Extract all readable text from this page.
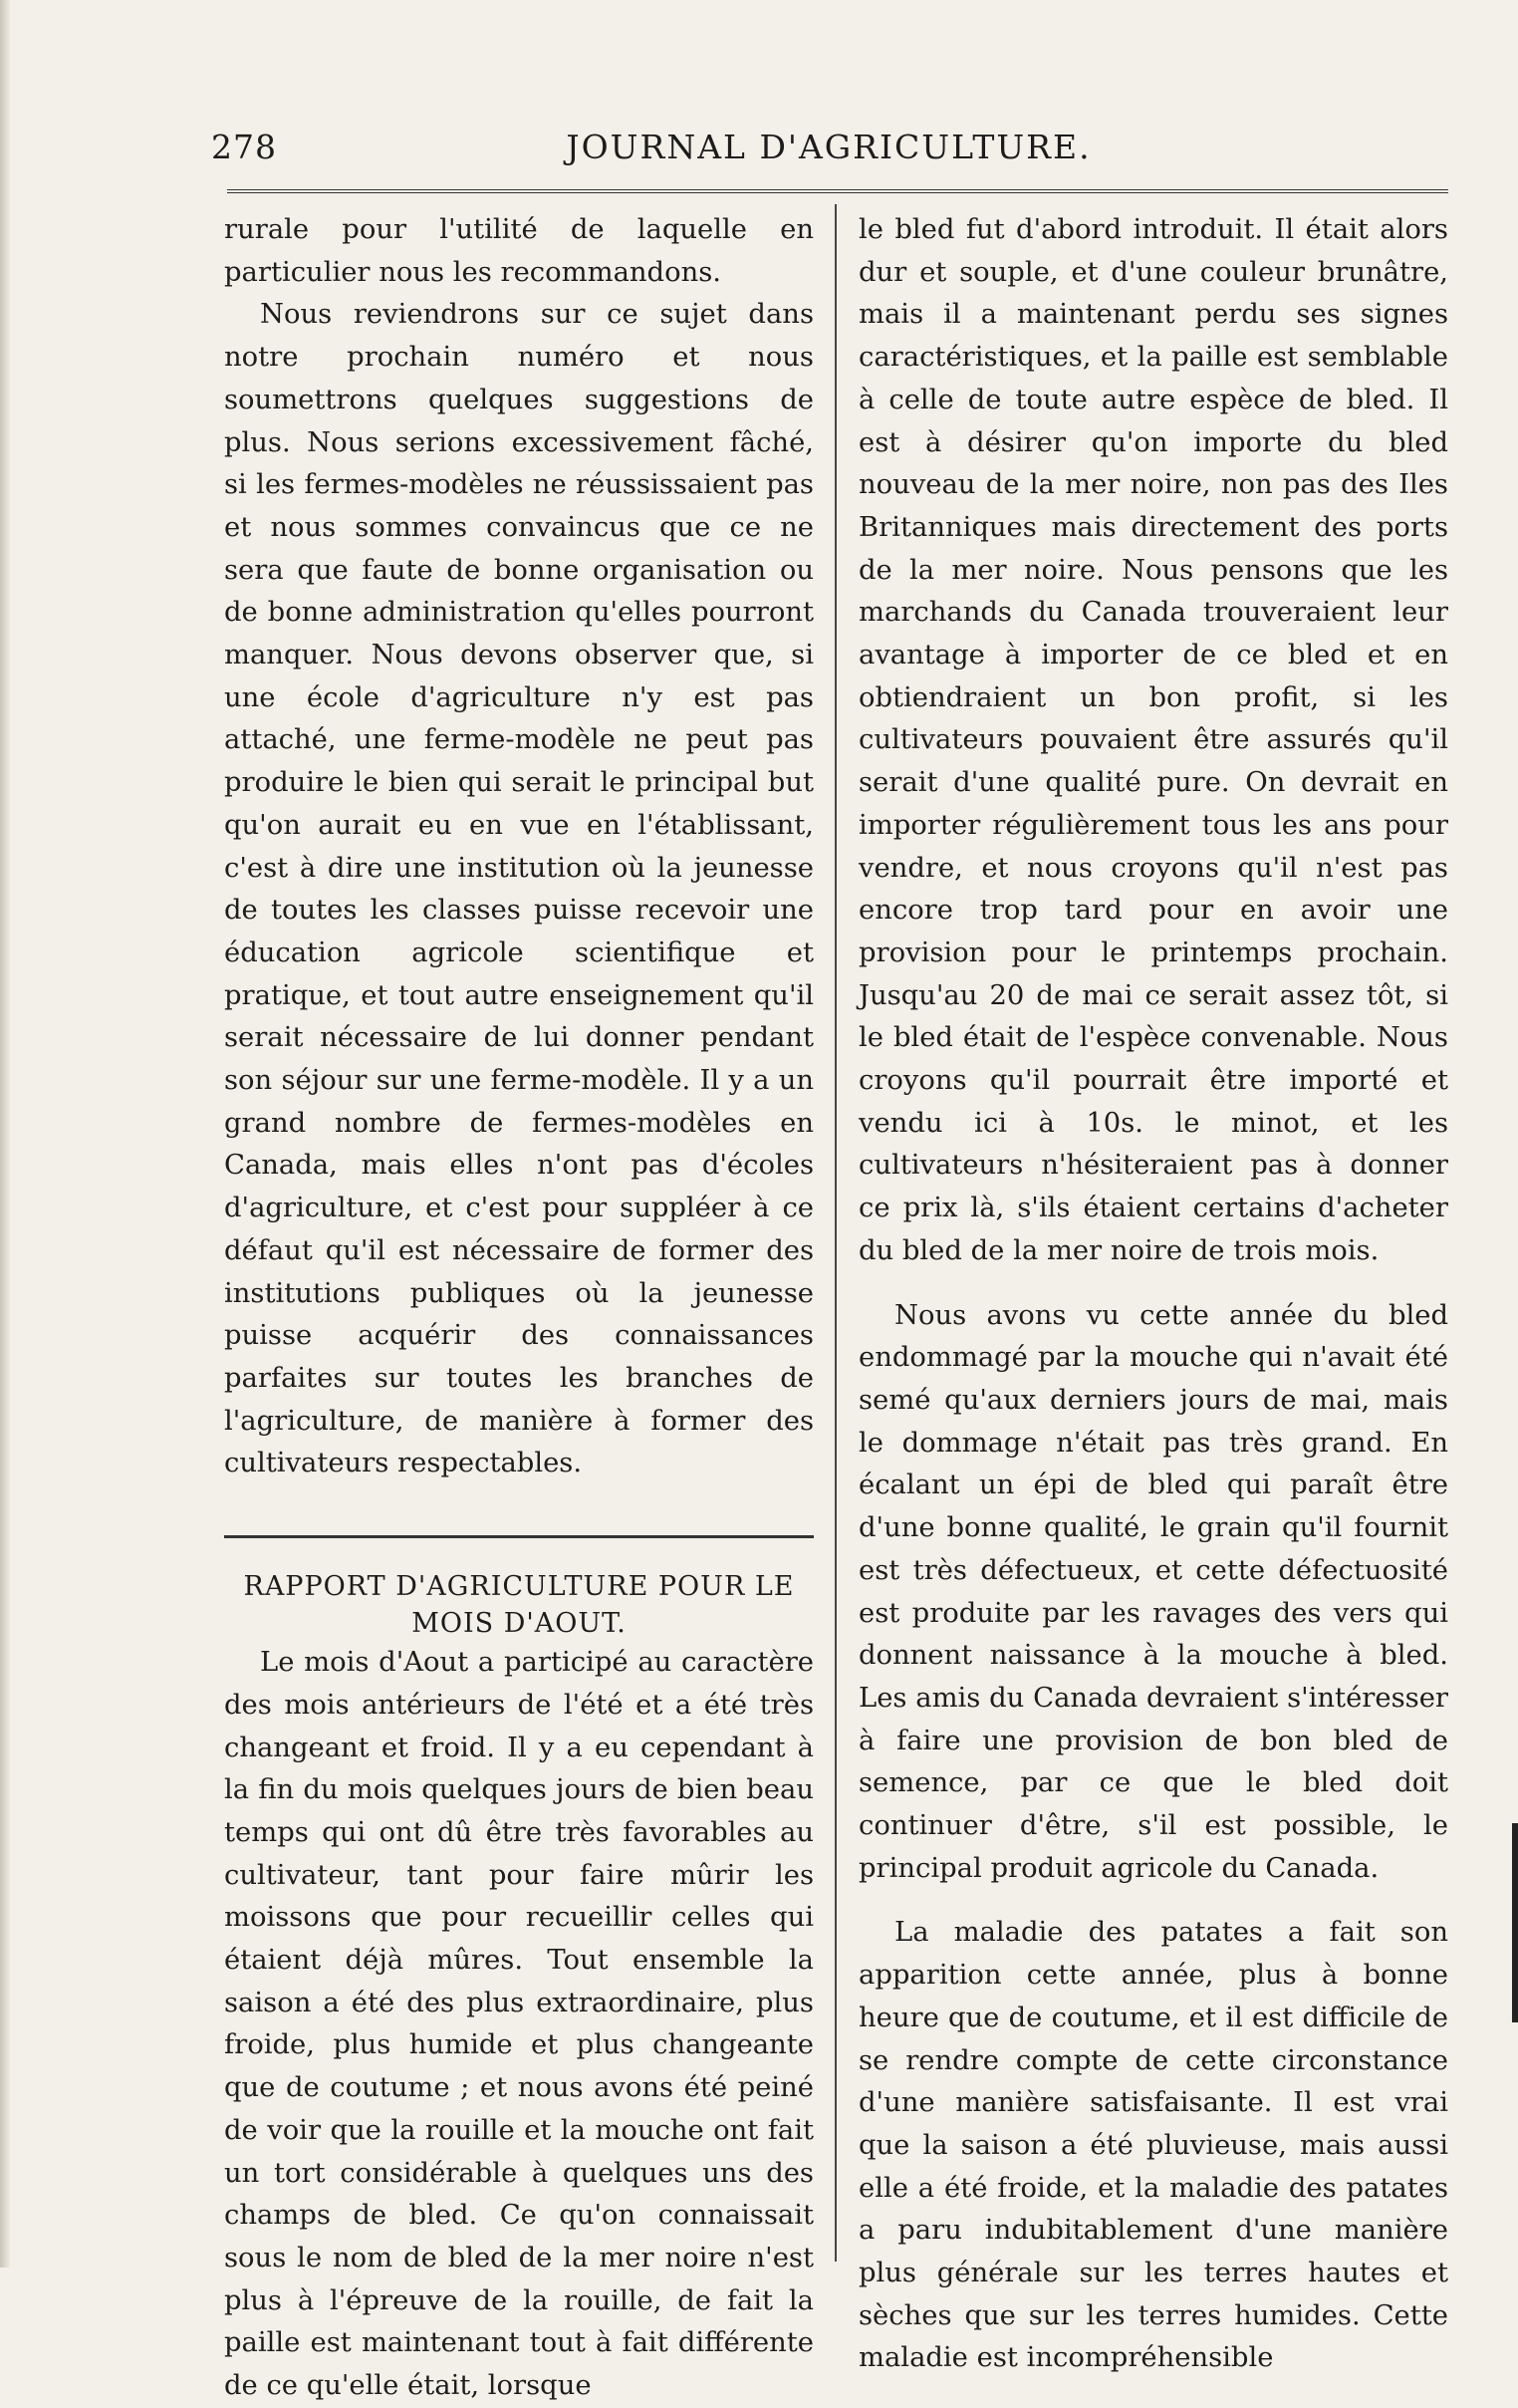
JOURNAL D'AGRICULTURE.
278

rurale pour l'utilité de laquelle en particulier nous les recommandons.

Nous reviendrons sur ce sujet dans notre prochain numéro et nous soumettrons quelques suggestions de plus. Nous serions excessivement fâché, si les fermes-modèles ne réussissaient pas et nous sommes convaincus que ce ne sera que faute de bonne organisation ou de bonne administration qu'elles pourront manquer. Nous devons observer que, si une école d'agriculture n'y est pas attaché, une ferme-modèle ne peut pas produire le bien qui serait le principal but qu'on aurait eu en vue en l'établissant, c'est à dire une institution où la jeunesse de toutes les classes puisse recevoir une éducation agricole scientifique et pratique, et tout autre enseignement qu'il serait nécessaire de lui donner pendant son séjour sur une ferme-modèle. Il y a un grand nombre de fermes-modèles en Canada, mais elles n'ont pas d'écoles d'agriculture, et c'est pour suppléer à ce défaut qu'il est nécessaire de former des institutions publiques où la jeunesse puisse acquérir des connaissances parfaites sur toutes les branches de l'agriculture, de manière à former des cultivateurs respectables.

RAPPORT D'AGRICULTURE POUR LE MOIS D'AOUT.

Le mois d'Aout a participé au caractère des mois antérieurs de l'été et a été très changeant et froid. Il y a eu cependant à la fin du mois quelques jours de bien beau temps qui ont dû être très favorables au cultivateur, tant pour faire mûrir les moissons que pour recueillir celles qui étaient déjà mûres. Tout ensemble la saison a été des plus extraordinaire, plus froide, plus humide et plus changeante que de coutume ; et nous avons été peiné de voir que la rouille et la mouche ont fait un tort considérable à quelques uns des champs de bled. Ce qu'on connaissait sous le nom de bled de la mer noire n'est plus à l'épreuve de la rouille, de fait la paille est maintenant tout à fait différente de ce qu'elle était, lorsque

le bled fut d'abord introduit. Il était alors dur et souple, et d'une couleur brunâtre, mais il a maintenant perdu ses signes caractéristiques, et la paille est semblable à celle de toute autre espèce de bled. Il est à désirer qu'on importe du bled nouveau de la mer noire, non pas des Iles Britanniques mais directement des ports de la mer noire. Nous pensons que les marchands du Canada trouveraient leur avantage à importer de ce bled et en obtiendraient un bon profit, si les cultivateurs pouvaient être assurés qu'il serait d'une qualité pure. On devrait en importer régulièrement tous les ans pour vendre, et nous croyons qu'il n'est pas encore trop tard pour en avoir une provision pour le printemps prochain. Jusqu'au 20 de mai ce serait assez tôt, si le bled était de l'espèce convenable. Nous croyons qu'il pourrait être importé et vendu ici à 10s. le minot, et les cultivateurs n'hésiteraient pas à donner ce prix là, s'ils étaient certains d'acheter du bled de la mer noire de trois mois.

Nous avons vu cette année du bled endommagé par la mouche qui n'avait été semé qu'aux derniers jours de mai, mais le dommage n'était pas très grand. En écalant un épi de bled qui paraît être d'une bonne qualité, le grain qu'il fournit est très défectueux, et cette défectuosité est produite par les ravages des vers qui donnent naissance à la mouche à bled. Les amis du Canada devraient s'intéresser à faire une provision de bon bled de semence, par ce que le bled doit continuer d'être, s'il est possible, le principal produit agricole du Canada.

La maladie des patates a fait son apparition cette année, plus à bonne heure que de coutume, et il est difficile de se rendre compte de cette circonstance d'une manière satisfaisante. Il est vrai que la saison a été pluvieuse, mais aussi elle a été froide, et la maladie des patates a paru indubitablement d'une manière plus générale sur les terres hautes et sèches que sur les terres humides. Cette maladie est incompréhensible
